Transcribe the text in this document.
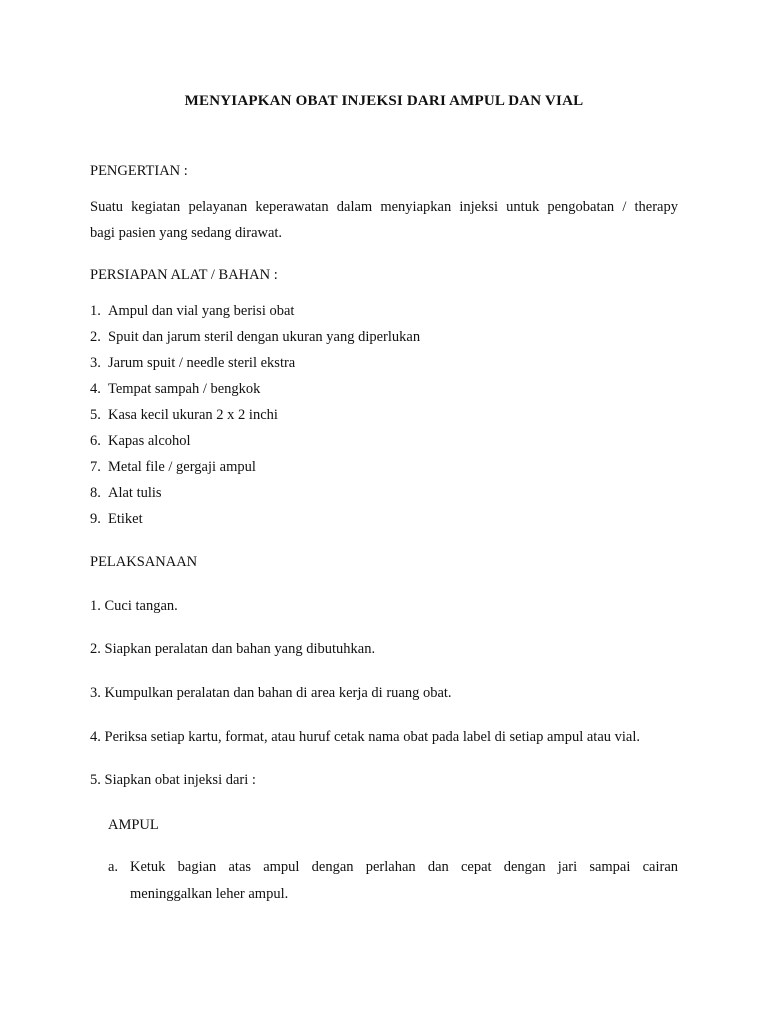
MENYIAPKAN OBAT INJEKSI DARI AMPUL DAN VIAL
PENGERTIAN :
Suatu kegiatan pelayanan keperawatan dalam menyiapkan injeksi untuk pengobatan / therapy
bagi pasien yang sedang dirawat.
PERSIAPAN ALAT / BAHAN :
1. Ampul dan vial yang berisi obat
2. Spuit dan jarum steril dengan ukuran yang diperlukan
3. Jarum spuit / needle steril ekstra
4. Tempat sampah / bengkok
5. Kasa kecil ukuran 2 x 2 inchi
6. Kapas alcohol
7. Metal file / gergaji ampul
8. Alat tulis
9. Etiket
PELAKSANAAN
1. Cuci tangan.
2. Siapkan peralatan dan bahan yang dibutuhkan.
3. Kumpulkan peralatan dan bahan di area kerja di ruang obat.
4. Periksa setiap kartu, format, atau huruf cetak nama obat pada label di setiap ampul atau vial.
5. Siapkan obat injeksi dari :
AMPUL
a. Ketuk bagian atas ampul dengan perlahan dan cepat dengan jari sampai cairan
meninggalkan leher ampul.
